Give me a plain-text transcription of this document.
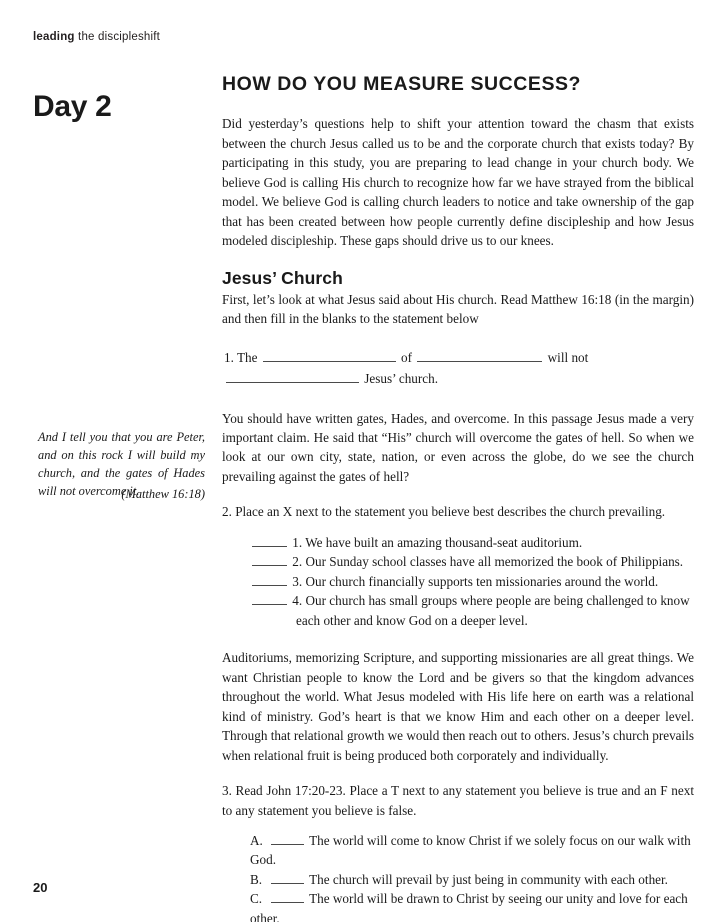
leading the discipleshift
Day 2
And I tell you that you are Peter, and on this rock I will build my church, and the gates of Hades will not overcome it.
(Matthew 16:18)
HOW DO YOU MEASURE SUCCESS?

Did yesterday’s questions help to shift your attention toward the chasm that exists between the church Jesus called us to be and the corporate church that exists today? By participating in this study, you are preparing to lead change in your church body. We believe God is calling His church to recognize how far we have strayed from the biblical model. We believe God is calling church leaders to notice and take ownership of the gap that has been created between how people currently define discipleship and how Jesus modeled discipleship. These gaps should drive us to our knees.

Jesus’ Church

First, let’s look at what Jesus said about His church. Read Matthew 16:18 (in the margin) and then fill in the blanks to the statement below

1. The	of	will not
Jesus’ church.

You should have written gates, Hades, and overcome. In this passage Jesus made a very important claim. He said that “His” church will overcome the gates of hell. So when we look at our own city, state, nation, or even across the globe, do we see the church prevailing against the gates of hell?

2. Place an X next to the statement you believe best describes the church prevailing.

1. We have built an amazing thousand-seat auditorium.
2. Our Sunday school classes have all memorized the book of Philippians.
3. Our church financially supports ten missionaries around the world.
4. Our church has small groups where people are being challenged to know
each other and know God on a deeper level.

Auditoriums, memorizing Scripture, and supporting missionaries are all great things. We want Christian people to know the Lord and be givers so that the kingdom advances throughout the world. What Jesus modeled with His life here on earth was a relational kind of ministry. God’s heart is that we know Him and each other on a deeper level. Through that relational growth we would then reach out to others. Jesus’s church prevails when relational fruit is being produced both corporately and individually.

3. Read John 17:20-23. Place a T next to any statement you believe is true and an F next to any statement you believe is false.

A.	The world will come to know Christ if we solely focus on our walk with
God.
B.	The church will prevail by just being in community with each other.
C.	The world will be drawn to Christ by seeing our unity and love for each
other.
20
